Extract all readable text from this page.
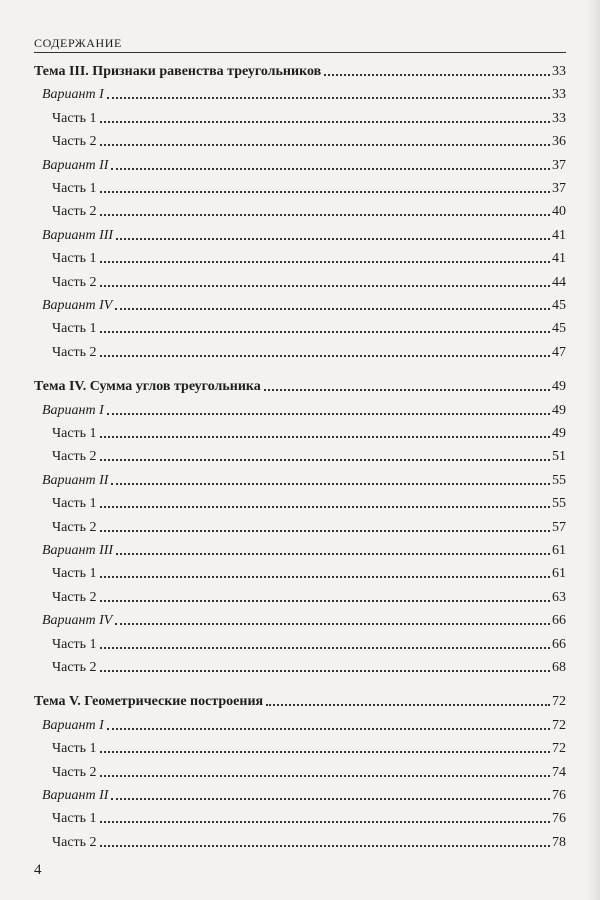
СОДЕРЖАНИЕ
Тема III. Признаки равенства треугольников	33
Вариант I	33
Часть 1	33
Часть 2	36
Вариант II	37
Часть 1	37
Часть 2	40
Вариант III	41
Часть 1	41
Часть 2	44
Вариант IV	45
Часть 1	45
Часть 2	47
Тема IV. Сумма углов треугольника	49
Вариант I	49
Часть 1	49
Часть 2	51
Вариант II	55
Часть 1	55
Часть 2	57
Вариант III	61
Часть 1	61
Часть 2	63
Вариант IV	66
Часть 1	66
Часть 2	68
Тема V. Геометрические построения	72
Вариант I	72
Часть 1	72
Часть 2	74
Вариант II	76
Часть 1	76
Часть 2	78
4
